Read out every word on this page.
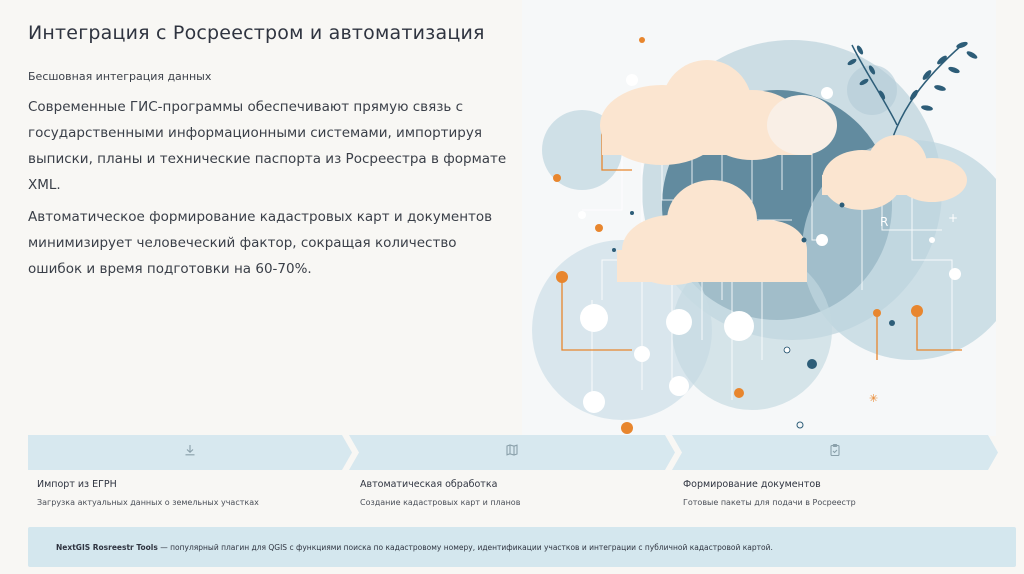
Интеграция с Росреестром и автоматизация
Бесшовная интеграция данных
Современные ГИС-программы обеспечивают прямую связь с государственными информационными системами, импортируя выписки, планы и технические паспорта из Росреестра в формате XML.
Автоматическое формирование кадастровых карт и документов минимизирует человеческий фактор, сокращая количество ошибок и время подготовки на 60-70%.
R	+
✳
Импорт из ЕГРН
Загрузка актуальных данных о земельных участках
Автоматическая обработка
Создание кадастровых карт и планов
Формирование документов
Готовые пакеты для подачи в Росреестр
NextGIS Rosreestr Tools — популярный плагин для QGIS с функциями поиска по кадастровому номеру, идентификации участков и интеграции с публичной кадастровой картой.
